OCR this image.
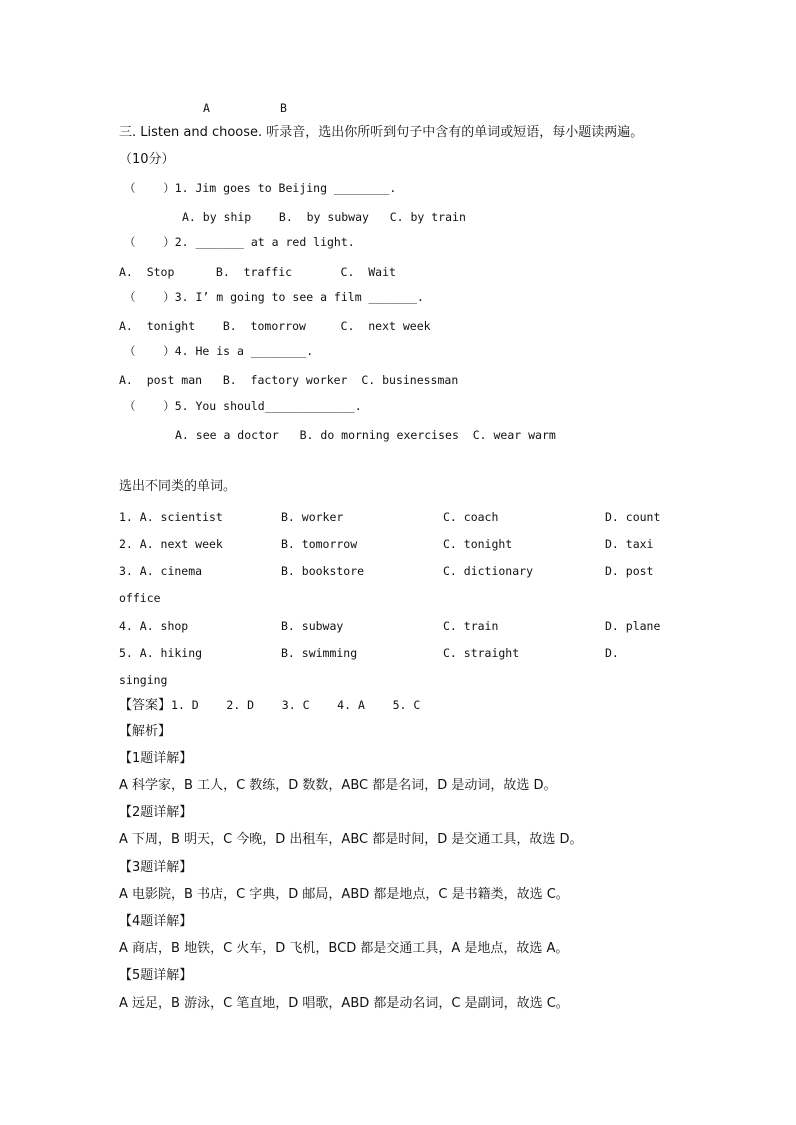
A	B
三. Listen and choose. 听录音，选出你所听到句子中含有的单词或短语，每小题读两遍。
（10分）
（    ）1. Jim goes to Beijing ________.
A. by ship    B.  by subway   C. by train
（    ）2. _______ at a red light.
A.  Stop      B.  traffic       C.  Wait
（    ）3. I’ m going to see a film _______.
A.  tonight    B.  tomorrow     C.  next week
（    ）4. He is a ________.
A.  post man   B.  factory worker  C. businessman
（    ）5. You should_____________.
A. see a doctor   B. do morning exercises  C. wear warm
选出不同类的单词。
1. A. scientist	B. worker	C. coach	D. count
2. A. next week	B. tomorrow	C. tonight	D. taxi
3. A. cinema	B. bookstore	C. dictionary	D. post
office
4. A. shop	B. subway	C. train	D. plane
5. A. hiking	B. swimming	C. straight	D.
singing
【答案】1. D    2. D    3. C    4. A    5. C
【解析】
【1题详解】
A 科学家，B 工人，C 教练，D 数数，ABC 都是名词，D 是动词，故选 D。
【2题详解】
A 下周，B 明天，C 今晚，D 出租车，ABC 都是时间，D 是交通工具，故选 D。
【3题详解】
A 电影院，B 书店，C 字典，D 邮局，ABD 都是地点，C 是书籍类，故选 C。
【4题详解】
A 商店，B 地铁，C 火车，D 飞机，BCD 都是交通工具，A 是地点，故选 A。
【5题详解】
A 远足，B 游泳，C 笔直地，D 唱歌，ABD 都是动名词，C 是副词，故选 C。
